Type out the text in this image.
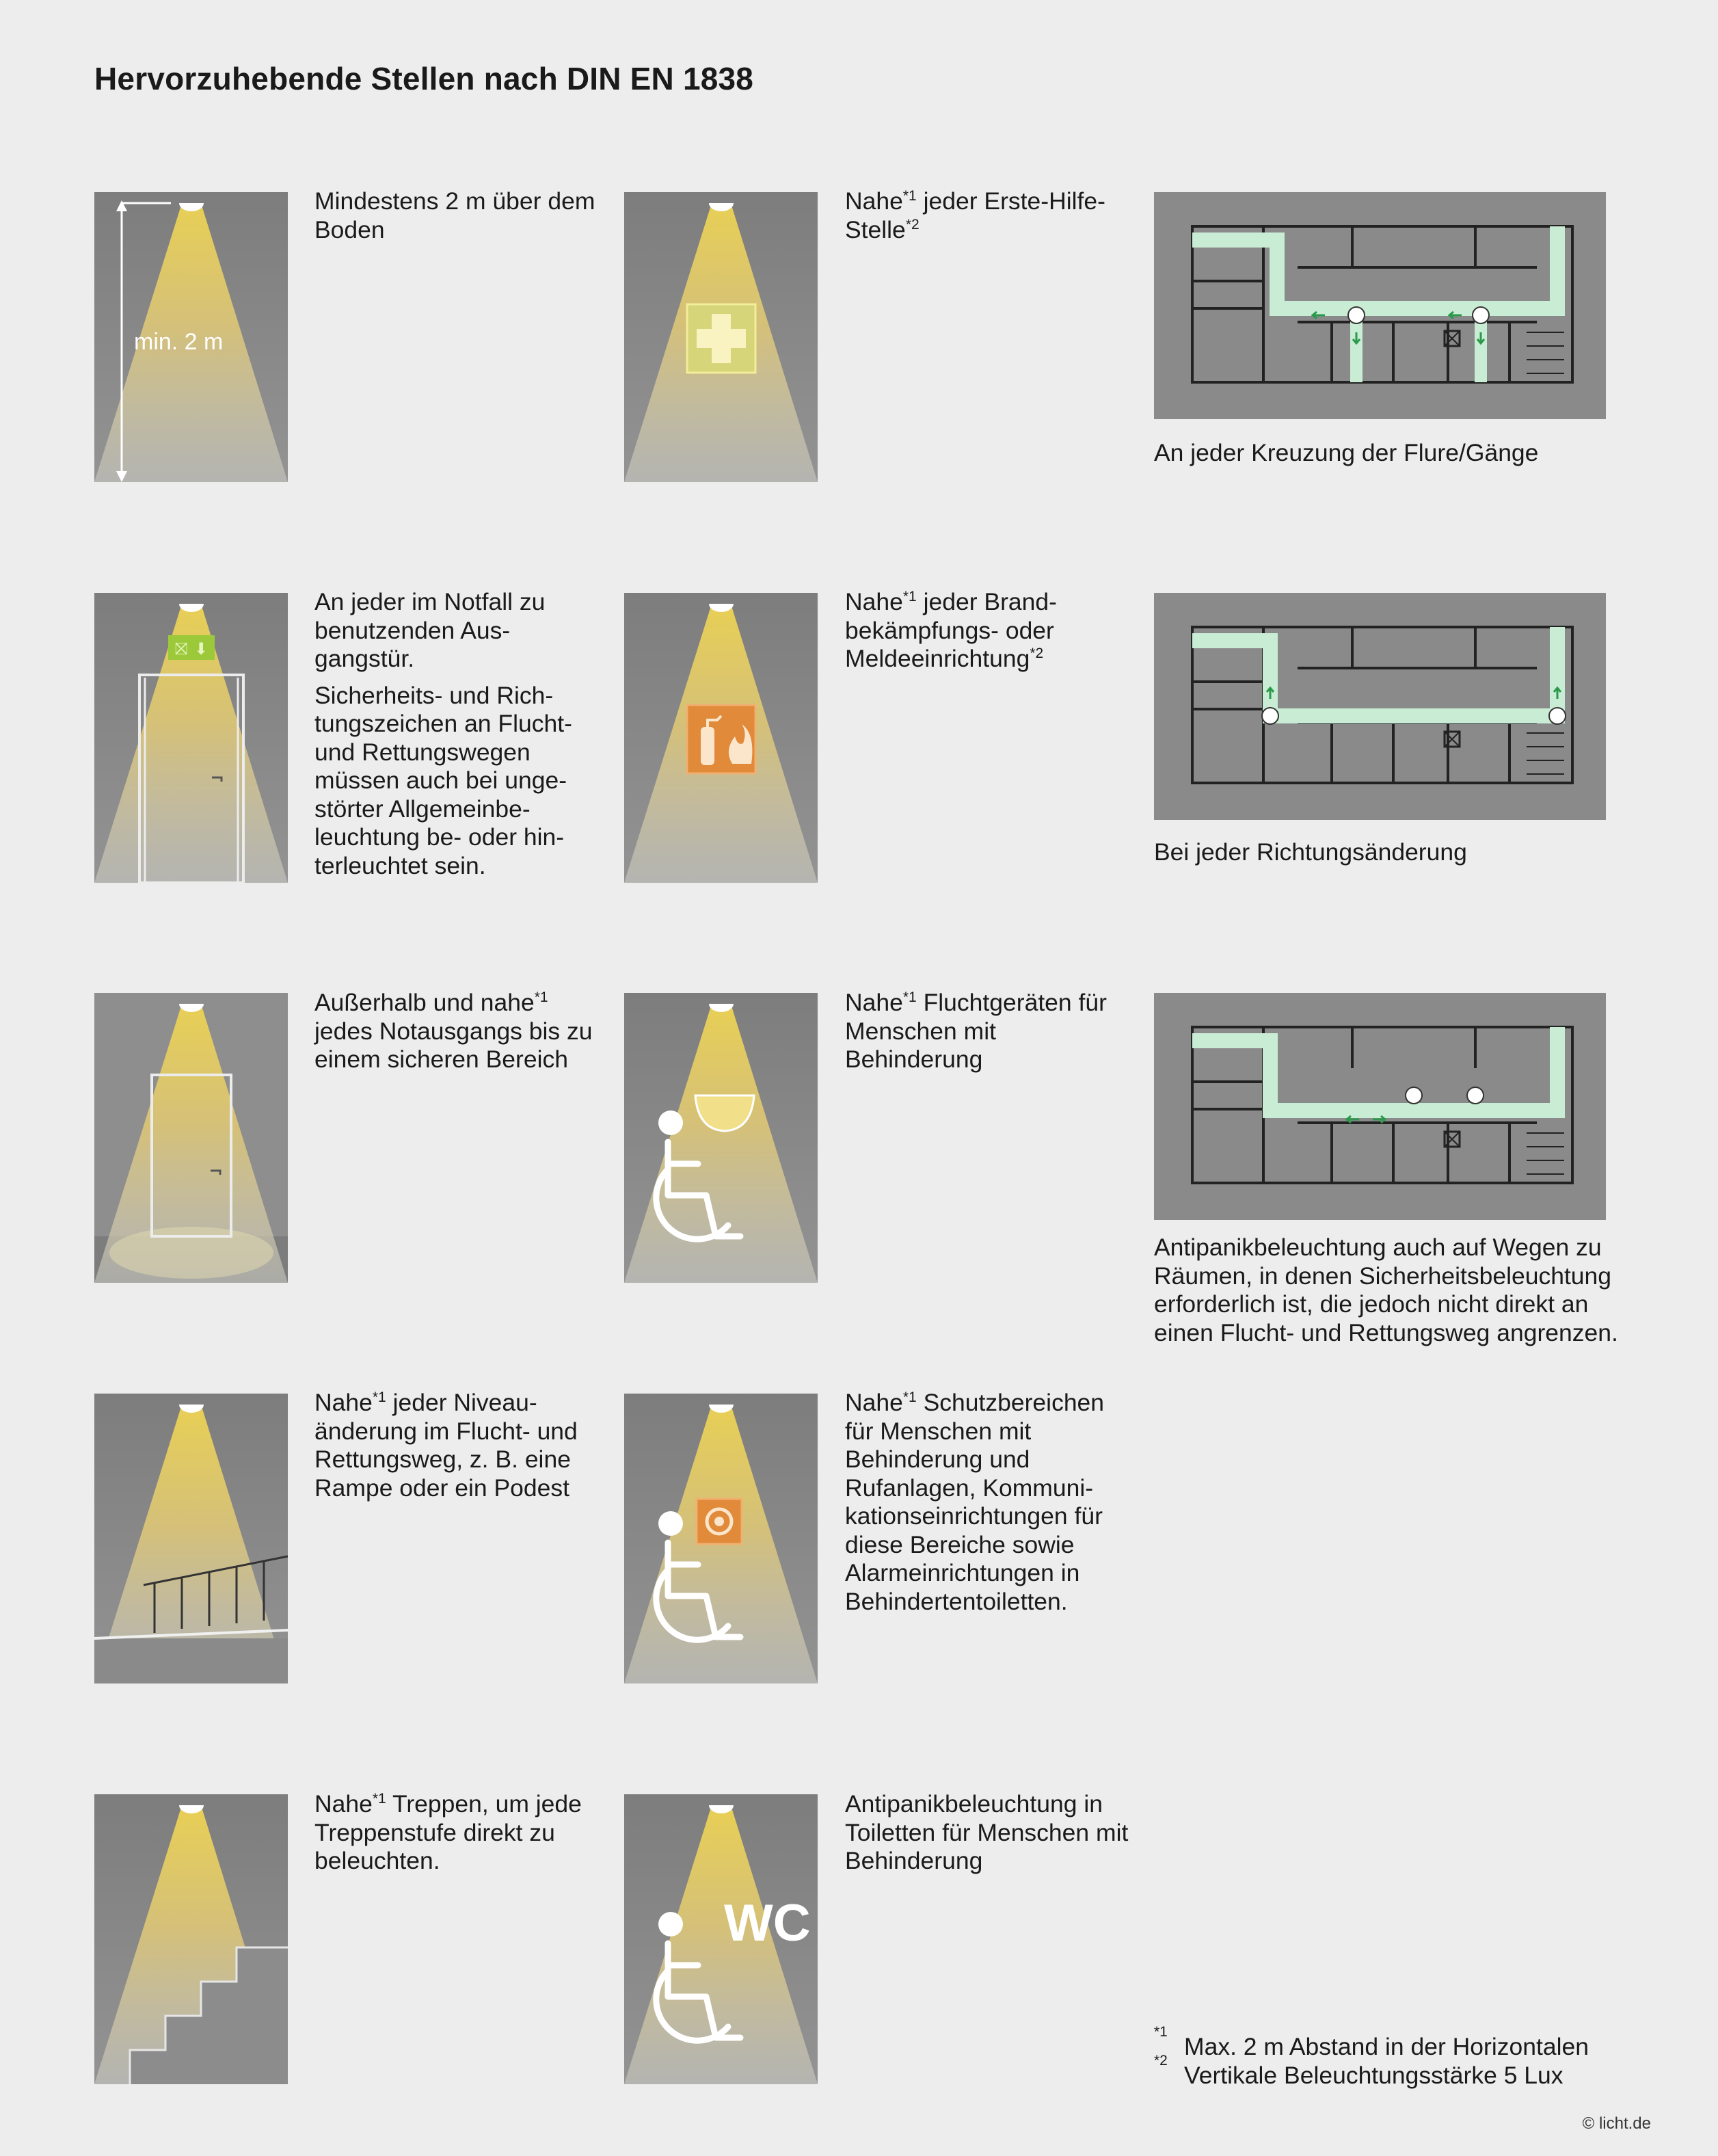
Hervorzuhebende Stellen nach DIN EN 1838
min. 2 m

Mindestens 2 m über dem Boden

Nahe$^{*1}$ jeder Erste-Hilfe-Stelle$^{*2}$

An jeder Kreuzung der Flure/Gänge

⛝ ⬇

An jeder im Notfall zu benutzenden Ausgangstür.

Sicherheits- und Richtungszeichen an Flucht- und Rettungswegen müssen auch bei ungestörter Allgemeinbeleuchtung be- oder hinterleuchtet sein.

Nahe$^{*1}$ jeder Brandbekämpfungs- oder Meldeeinrichtung$^{*2}$

Bei jeder Richtungsänderung

Außerhalb und nahe$^{*1}$ jedes Notausgangs bis zu einem sicheren Bereich

Nahe$^{*1}$ Fluchtgeräten für Menschen mit Behinderung

Antipanikbeleuchtung auch auf Wegen zu Räumen, in denen Sicherheitsbeleuchtung erforderlich ist, die jedoch nicht direkt an einen Flucht- und Rettungsweg angrenzen.

Nahe$^{*1}$ jeder Niveauänderung im Flucht- und Rettungsweg, z. B. eine Rampe oder ein Podest

Nahe$^{*1}$ Schutzbereichen für Menschen mit Behinderung und Rufanlagen, Kommunikationseinrichtungen für diese Bereiche sowie Alarmeinrichtungen in Behindertentoiletten.

Nahe$^{*1}$ Treppen, um jede Treppenstufe direkt zu beleuchten.

WC

Antipanikbeleuchtung in Toiletten für Menschen mit Behinderung

*1
Max. 2 m Abstand in der Horizontalen
*2
Vertikale Beleuchtungsstärke 5 Lux
© licht.de
